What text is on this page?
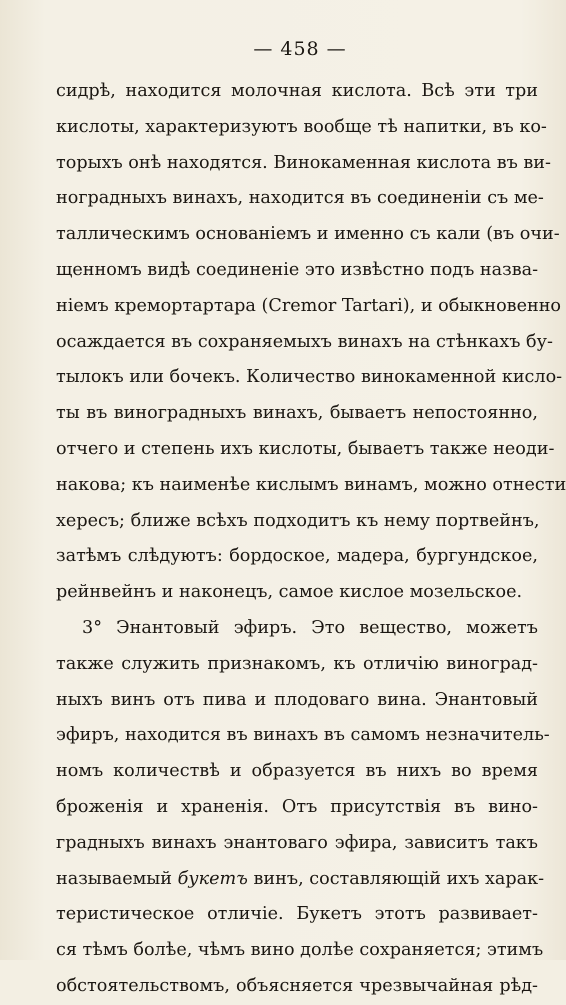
— 458 —
сидрѣ, находится молочная кислота. Всѣ эти три
кислоты, характеризуютъ вообще тѣ напитки, въ ко-
торыхъ онѣ находятся. Винокаменная кислота въ ви-
ноградныхъ винахъ, находится въ соединенiи съ ме-
таллическимъ основанiемъ и именно съ кали (въ очи-
щенномъ видѣ соединенiе это извѣстно подъ назва-
нiемъ кремортартара (Cremor Tartari), и обыкновенно
осаждается въ сохраняемыхъ винахъ на стѣнкахъ бу-
тылокъ или бочекъ. Количество винокаменной кисло-
ты въ виноградныхъ винахъ, бываетъ непостоянно,
отчего и степень ихъ кислоты, бываетъ также неоди-
накова; къ наименѣе кислымъ винамъ, можно отнести
хересъ; ближе всѣхъ подходитъ къ нему портвейнъ,
затѣмъ слѣдуютъ: бордоское, мадера, бургундское,
рейнвейнъ и наконецъ, самое кислое мозельское.
3° Энантовый эфиръ. Это вещество, можетъ
также служить признакомъ, къ отличiю виноград-
ныхъ винъ отъ пива и плодоваго вина. Энантовый
эфиръ, находится въ винахъ въ самомъ незначитель-
номъ количествѣ и образуется въ нихъ во время
броженiя и храненiя. Отъ присутствiя въ вино-
градныхъ винахъ энантоваго эфира, зависитъ такъ
называемый букетъ винъ, составляющiй ихъ харак-
теристическое отличiе. Букетъ этотъ развивает-
ся тѣмъ болѣе, чѣмъ вино долѣе сохраняется; этимъ
обстоятельствомъ, объясняется чрезвычайная рѣд-
